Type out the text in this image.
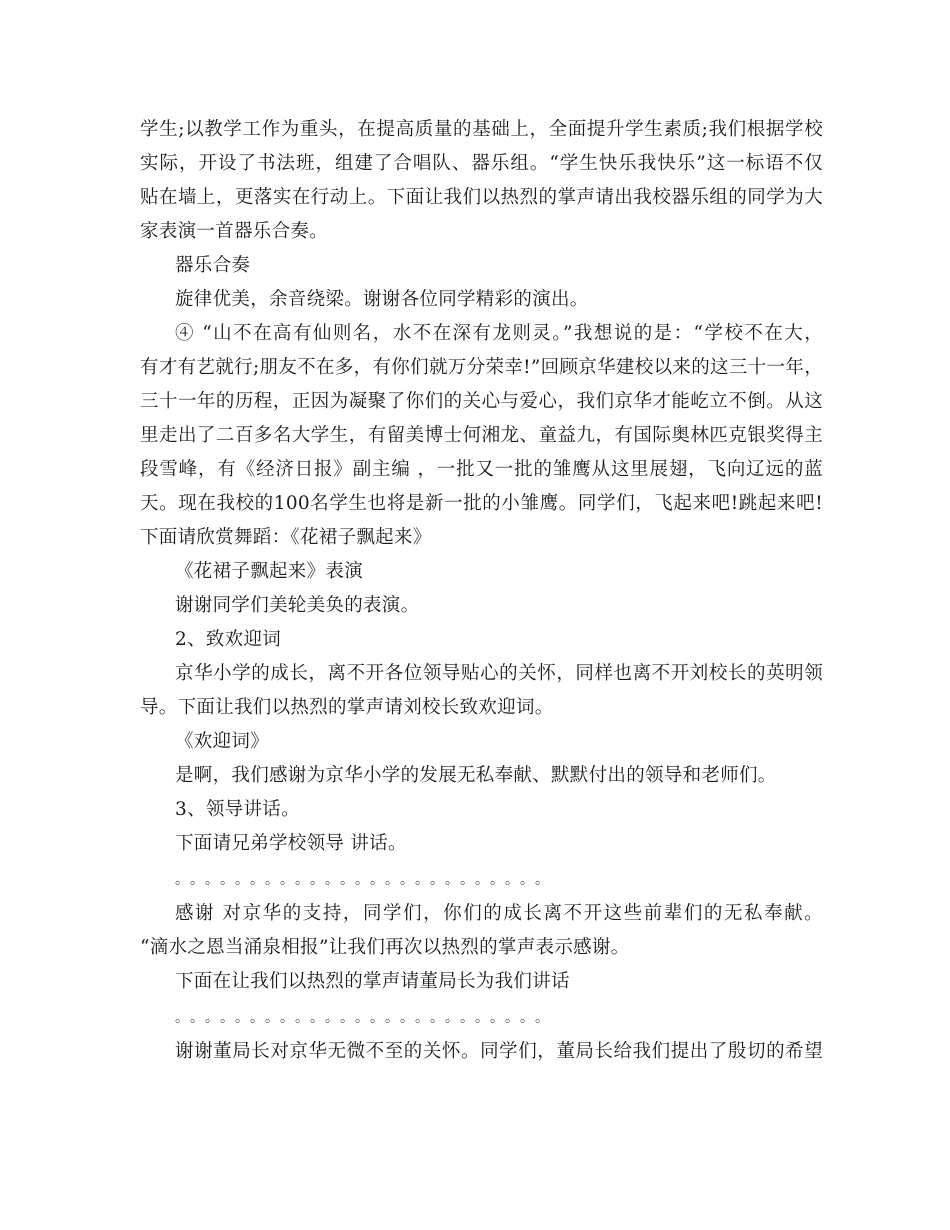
学生;以教学工作为重头，在提高质量的基础上，全面提升学生素质;我们根据学校
实际，开设了书法班，组建了合唱队、器乐组。“学生快乐我快乐”这一标语不仅
贴在墙上，更落实在行动上。下面让我们以热烈的掌声请出我校器乐组的同学为大
家表演一首器乐合奏。
器乐合奏
旋律优美，余音绕梁。谢谢各位同学精彩的演出。
④ “山不在高有仙则名，水不在深有龙则灵。”我想说的是：“学校不在大，
有才有艺就行;朋友不在多，有你们就万分荣幸!”回顾京华建校以来的这三十一年，
三十一年的历程，正因为凝聚了你们的关心与爱心，我们京华才能屹立不倒。从这
里走出了二百多名大学生，有留美博士何湘龙、童益九，有国际奥林匹克银奖得主
段雪峰，有《经济日报》副主编 ，一批又一批的雏鹰从这里展翅，飞向辽远的蓝
天。现在我校的100名学生也将是新一批的小雏鹰。同学们，飞起来吧!跳起来吧!
下面请欣赏舞蹈：《花裙子飘起来》
《花裙子飘起来》表演
谢谢同学们美轮美奂的表演。
2、致欢迎词
京华小学的成长，离不开各位领导贴心的关怀，同样也离不开刘校长的英明领
导。下面让我们以热烈的掌声请刘校长致欢迎词。
《欢迎词》
是啊，我们感谢为京华小学的发展无私奉献、默默付出的领导和老师们。
3、领导讲话。
下面请兄弟学校领导 讲话。
。。。。。。。。。。。。。。。。。。。。。。。。。
感谢 对京华的支持，同学们，你们的成长离不开这些前辈们的无私奉献。
“滴水之恩当涌泉相报”让我们再次以热烈的掌声表示感谢。
下面在让我们以热烈的掌声请董局长为我们讲话
。。。。。。。。。。。。。。。。。。。。。。。。。
谢谢董局长对京华无微不至的关怀。同学们，董局长给我们提出了殷切的希望
